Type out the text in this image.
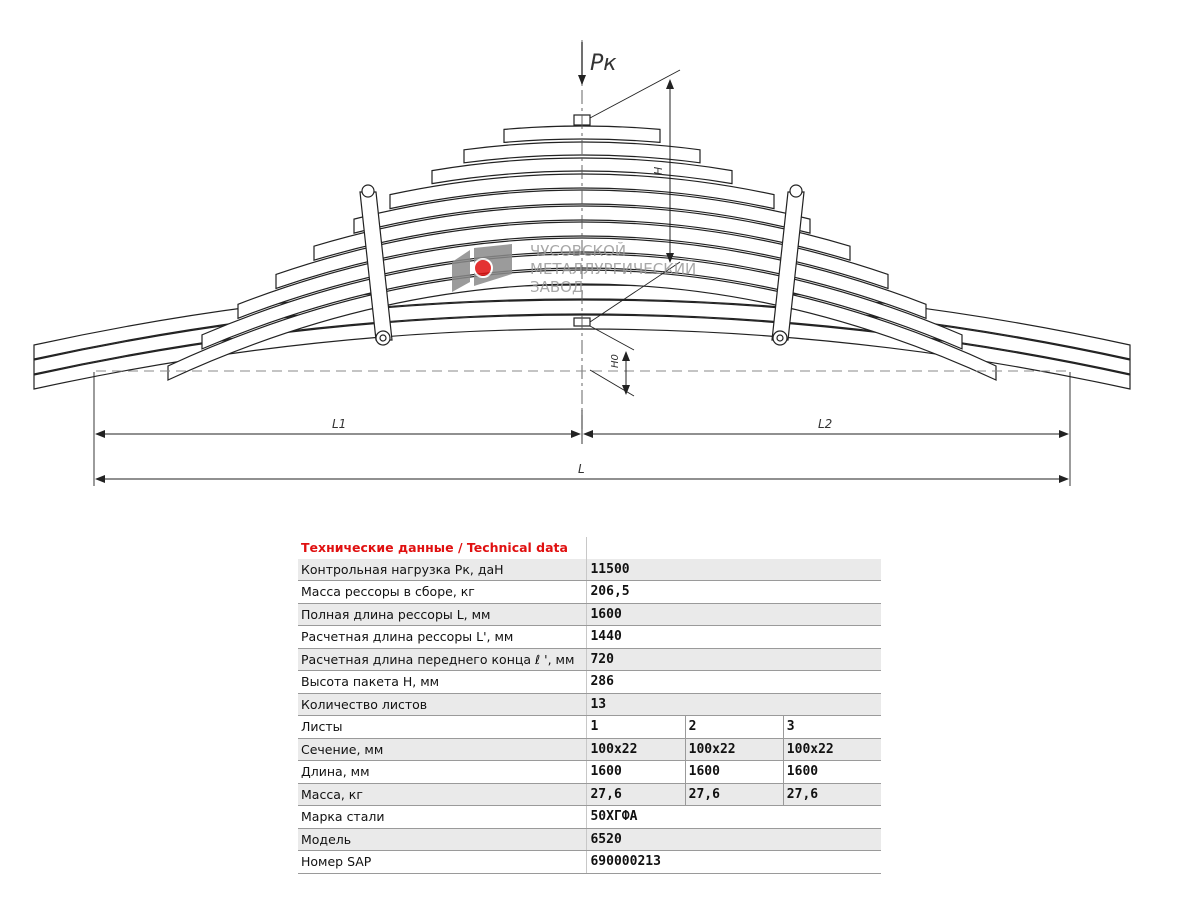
Pк
H
H0
L1	L2
L
ЧУСОВСКОЙ
МЕТАЛЛУРГИЧЕСКИЙ
ЗАВОД
Технические данные / Technical data			
Контрольная нагрузка Рк, даН	11500		
Масса рессоры в сборе, кг	206,5		
Полная длина рессоры L, мм	1600		
Расчетная длина рессоры L', мм	1440		
Расчетная длина переднего конца ℓ ', мм	720		
Высота пакета Н, мм	286		
Количество листов	13		
Листы	1	2	3
Сечение, мм	100x22	100x22	100x22
Длина, мм	1600	1600	1600
Масса, кг	27,6	27,6	27,6
Марка стали	50ХГФА		
Модель	6520		
Номер SAP	690000213		
